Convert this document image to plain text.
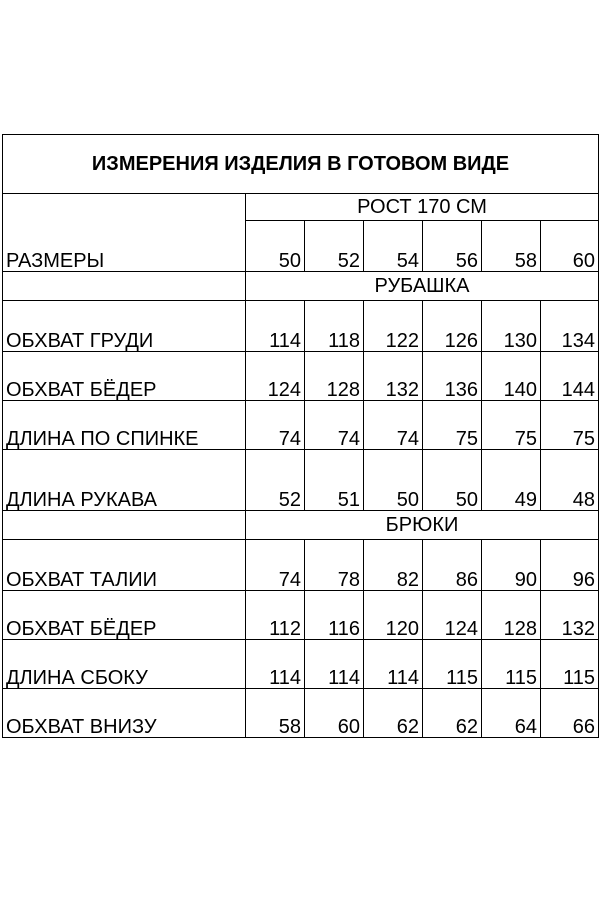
ИЗМЕРЕНИЯ ИЗДЕЛИЯ В ГОТОВОМ ВИДЕ						
РАЗМЕРЫ	РОСТ 170 СМ					
	50	52	54	56	58	60
	РУБАШКА					
ОБХВАТ ГРУДИ	114	118	122	126	130	134
ОБХВАТ БЁДЕР	124	128	132	136	140	144
ДЛИНА ПО СПИНКЕ	74	74	74	75	75	75
ДЛИНА РУКАВА	52	51	50	50	49	48
	БРЮКИ					
ОБХВАТ ТАЛИИ	74	78	82	86	90	96
ОБХВАТ БЁДЕР	112	116	120	124	128	132
ДЛИНА СБОКУ	114	114	114	115	115	115
ОБХВАТ ВНИЗУ	58	60	62	62	64	66
